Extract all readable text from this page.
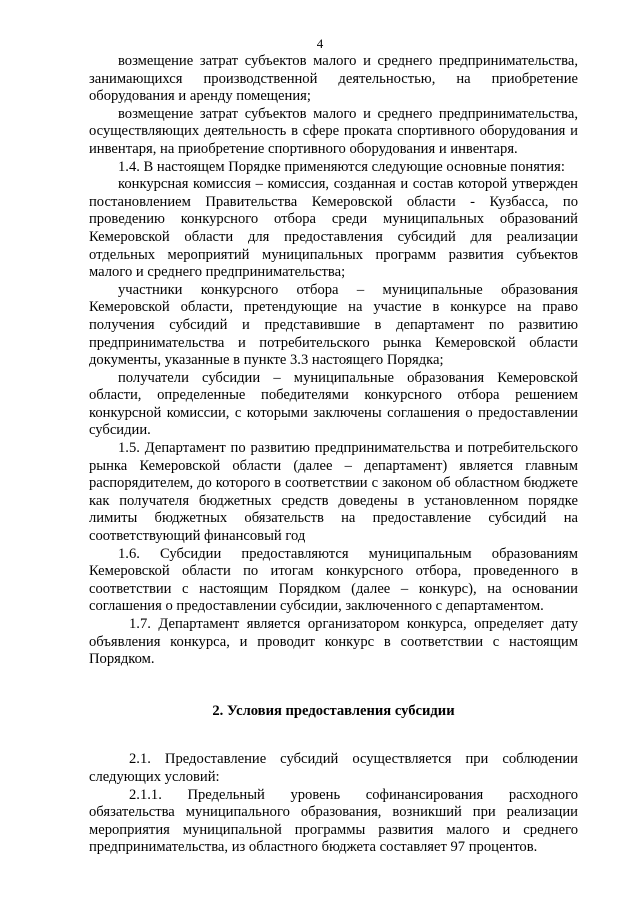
4

возмещение затрат субъектов малого и среднего предпринимательства, занимающихся производственной деятельностью, на приобретение оборудования и аренду помещения;

возмещение затрат субъектов малого и среднего предпринимательства, осуществляющих деятельность в сфере проката спортивного оборудования и инвентаря, на приобретение спортивного оборудования и инвентаря.

1.4. В настоящем Порядке применяются следующие основные понятия:

конкурсная комиссия – комиссия, созданная и состав которой утвержден постановлением Правительства Кемеровской области - Кузбасса, по проведению конкурсного отбора среди муниципальных образований Кемеровской области для предоставления субсидий для реализации отдельных мероприятий муниципальных программ развития субъектов малого и среднего предпринимательства;

участники конкурсного отбора – муниципальные образования Кемеровской области, претендующие на участие в конкурсе на право получения субсидий и представившие в департамент по развитию предпринимательства и потребительского рынка Кемеровской области документы, указанные в пункте 3.3 настоящего Порядка;

получатели субсидии – муниципальные образования Кемеровской области, определенные победителями конкурсного отбора решением конкурсной комиссии, с которыми заключены соглашения о предоставлении субсидии.

1.5. Департамент по развитию предпринимательства и потребительского рынка Кемеровской области (далее – департамент) является главным распорядителем, до которого в соответствии с законом об областном бюджете как получателя бюджетных средств доведены в установленном порядке лимиты бюджетных обязательств на предоставление субсидий на соответствующий финансовый год

1.6. Субсидии предоставляются муниципальным образованиям Кемеровской области по итогам конкурсного отбора, проведенного в соответствии с настоящим Порядком (далее – конкурс), на основании соглашения о предоставлении субсидии, заключенного с департаментом.

1.7. Департамент является организатором конкурса, определяет дату объявления конкурса, и проводит конкурс в соответствии с настоящим Порядком.

2. Условия предоставления субсидии

2.1. Предоставление субсидий осуществляется при соблюдении следующих условий:

2.1.1. Предельный уровень софинансирования расходного обязательства муниципального образования, возникший при реализации мероприятия муниципальной программы развития малого и среднего предпринимательства, из областного бюджета составляет 97 процентов.
